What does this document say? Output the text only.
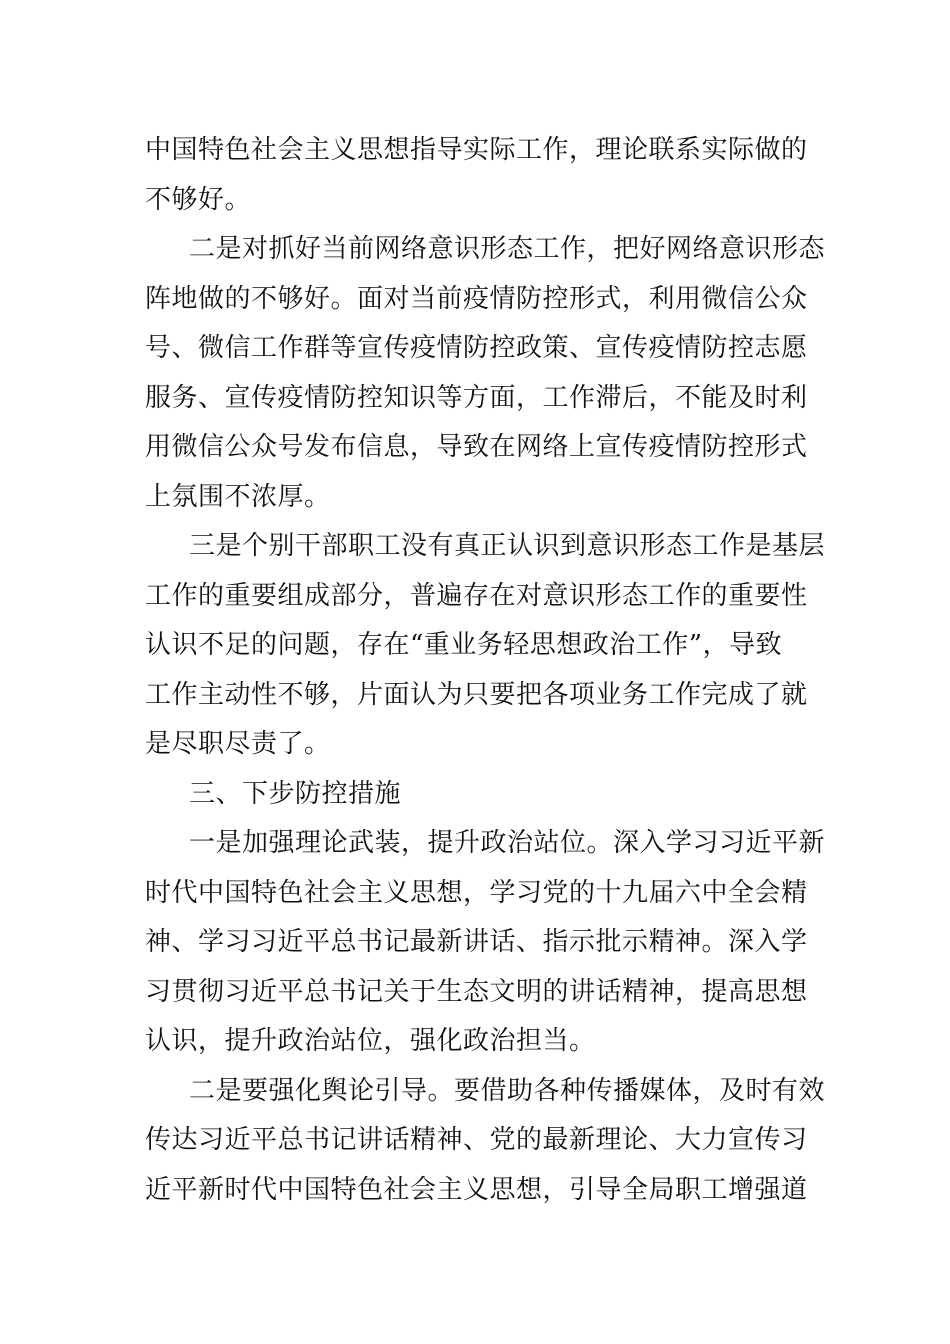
中国特色社会主义思想指导实际工作，理论联系实际做的
不够好。
二是对抓好当前网络意识形态工作，把好网络意识形态
阵地做的不够好。面对当前疫情防控形式，利用微信公众
号、微信工作群等宣传疫情防控政策、宣传疫情防控志愿
服务、宣传疫情防控知识等方面，工作滞后，不能及时利
用微信公众号发布信息，导致在网络上宣传疫情防控形式
上氛围不浓厚。
三是个别干部职工没有真正认识到意识形态工作是基层
工作的重要组成部分，普遍存在对意识形态工作的重要性
认识不足的问题，存在“重业务轻思想政治工作”，导致
工作主动性不够，片面认为只要把各项业务工作完成了就
是尽职尽责了。
三、下步防控措施
一是加强理论武装，提升政治站位。深入学习习近平新
时代中国特色社会主义思想，学习党的十九届六中全会精
神、学习习近平总书记最新讲话、指示批示精神。深入学
习贯彻习近平总书记关于生态文明的讲话精神，提高思想
认识，提升政治站位，强化政治担当。
二是要强化舆论引导。要借助各种传播媒体，及时有效
传达习近平总书记讲话精神、党的最新理论、大力宣传习
近平新时代中国特色社会主义思想，引导全局职工增强道
